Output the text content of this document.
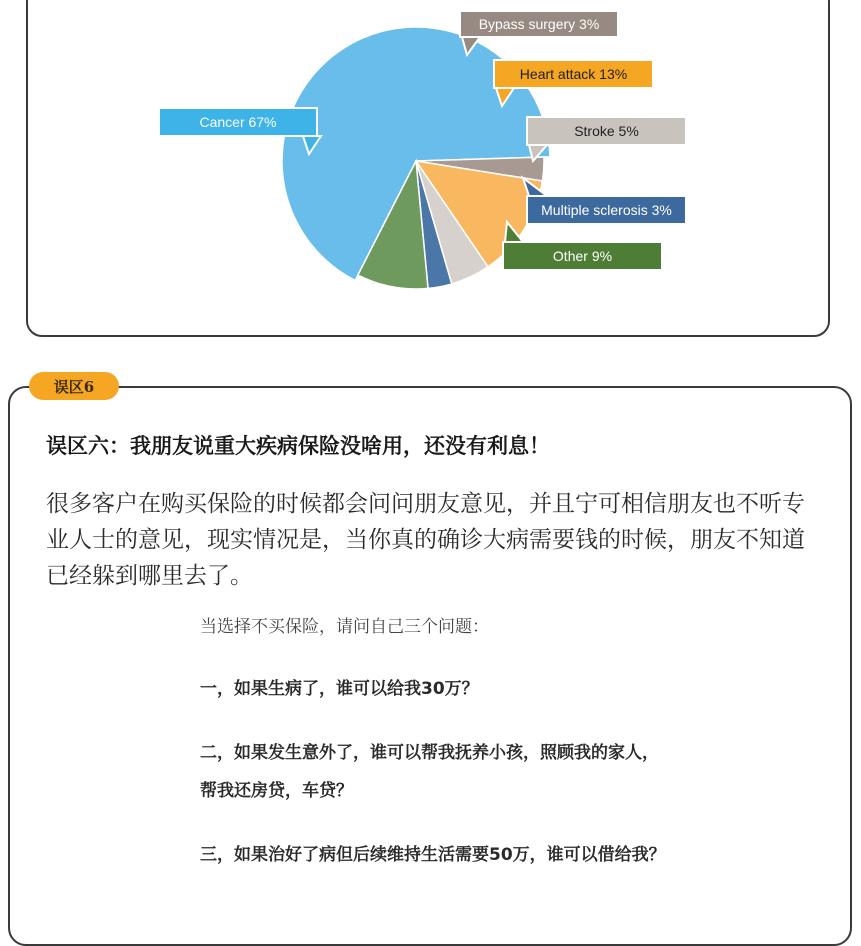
Cancer 67%
Bypass surgery 3%
Heart attack 13%
Stroke 5%
Multiple sclerosis 3%
Other 9%
误区6
误区六：我朋友说重大疾病保险没啥用，还没有利息！

很多客户在购买保险的时候都会问问朋友意见，并且宁可相信朋友也不听专业人士的意见，现实情况是，当你真的确诊大病需要钱的时候，朋友不知道已经躲到哪里去了。

当选择不买保险，请问自己三个问题：

一，如果生病了，谁可以给我30万？

二，如果发生意外了，谁可以帮我抚养小孩，照顾我的家人，帮我还房贷，车贷？

三，如果治好了病但后续维持生活需要50万，谁可以借给我？
